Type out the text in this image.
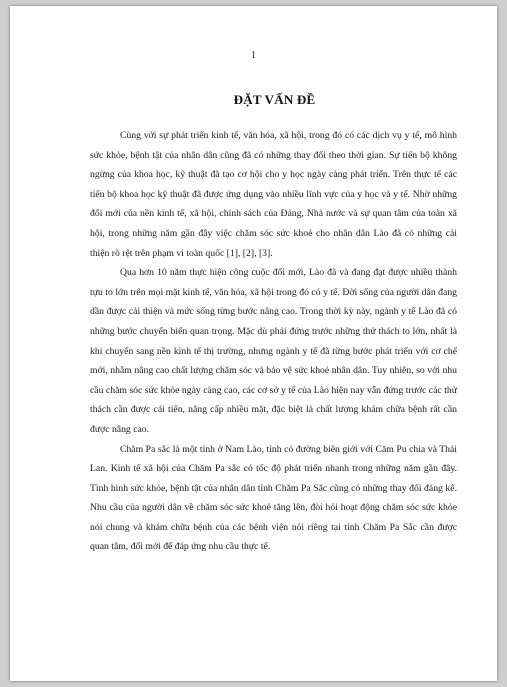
1
ĐẶT VẤN ĐỀ

Cùng với sự phát triển kinh tế, văn hóa, xã hội, trong đó có các dịch vụ y tế, mô hình sức khỏe, bệnh tật của nhân dân cũng đã có những thay đổi theo thời gian. Sự tiến bộ không ngừng của khoa học, kỹ thuật đã tạo cơ hội cho y học ngày càng phát triển. Trên thực tế các tiến bộ khoa học kỹ thuật đã được ứng dụng vào nhiều lĩnh vực của y học và y tế. Nhờ những đổi mới của nền kinh tế, xã hội, chính sách của Đảng, Nhà nước và sự quan tâm của toàn xã hội, trong những năm gần đây việc chăm sóc sức khoẻ cho nhân dân Lào đã có những cải thiện rõ rệt trên phạm vi toàn quốc [1], [2], [3].

Qua hơn 10 năm thực hiện công cuộc đổi mới, Lào đã và đang đạt được nhiều thành tựu to lớn trên mọi mặt kinh tế, văn hóa, xã hội trong đó có y tế. Đời sống của người dân đang dần được cải thiện và mức sống từng bước nâng cao. Trong thời kỳ này, ngành y tế Lào đã có những bước chuyển biến quan trọng. Mặc dù phải đứng trước những thử thách to lớn, nhất là khi chuyển sang nền kinh tế thị trường, nhưng ngành y tế đã từng bước phát triển với cơ chế mới, nhằm nâng cao chất lượng chăm sóc và bảo vệ sức khoẻ nhân dân. Tuy nhiên, so với nhu cầu chăm sóc sức khỏe ngày càng cao, các cơ sở y tế của Lào hiện nay vẫn đứng trước các thử thách cần được cải tiến, nâng cấp nhiều mặt, đặc biệt là chất lượng khám chữa bệnh rất cần được nâng cao.

Chăm Pa sắc là một tỉnh ở Nam Lào, tỉnh có đường biên giới với Căm Pu chia và Thái Lan. Kinh tế xã hội của Chăm Pa sắc có tốc độ phát triển nhanh trong những năm gần đây. Tình hình sức khỏe, bệnh tật của nhân dân tỉnh Chăm Pa Sắc cũng có những thay đổi đáng kể. Nhu cầu của người dân về chăm sóc sức khoẻ tăng lên, đòi hỏi hoạt động chăm sóc sức khỏe nói chung và khám chữa bệnh của các bệnh viện nói riêng tại tỉnh Chăm Pa Sắc cần được quan tâm, đổi mới để đáp ứng nhu cầu thực tế.
